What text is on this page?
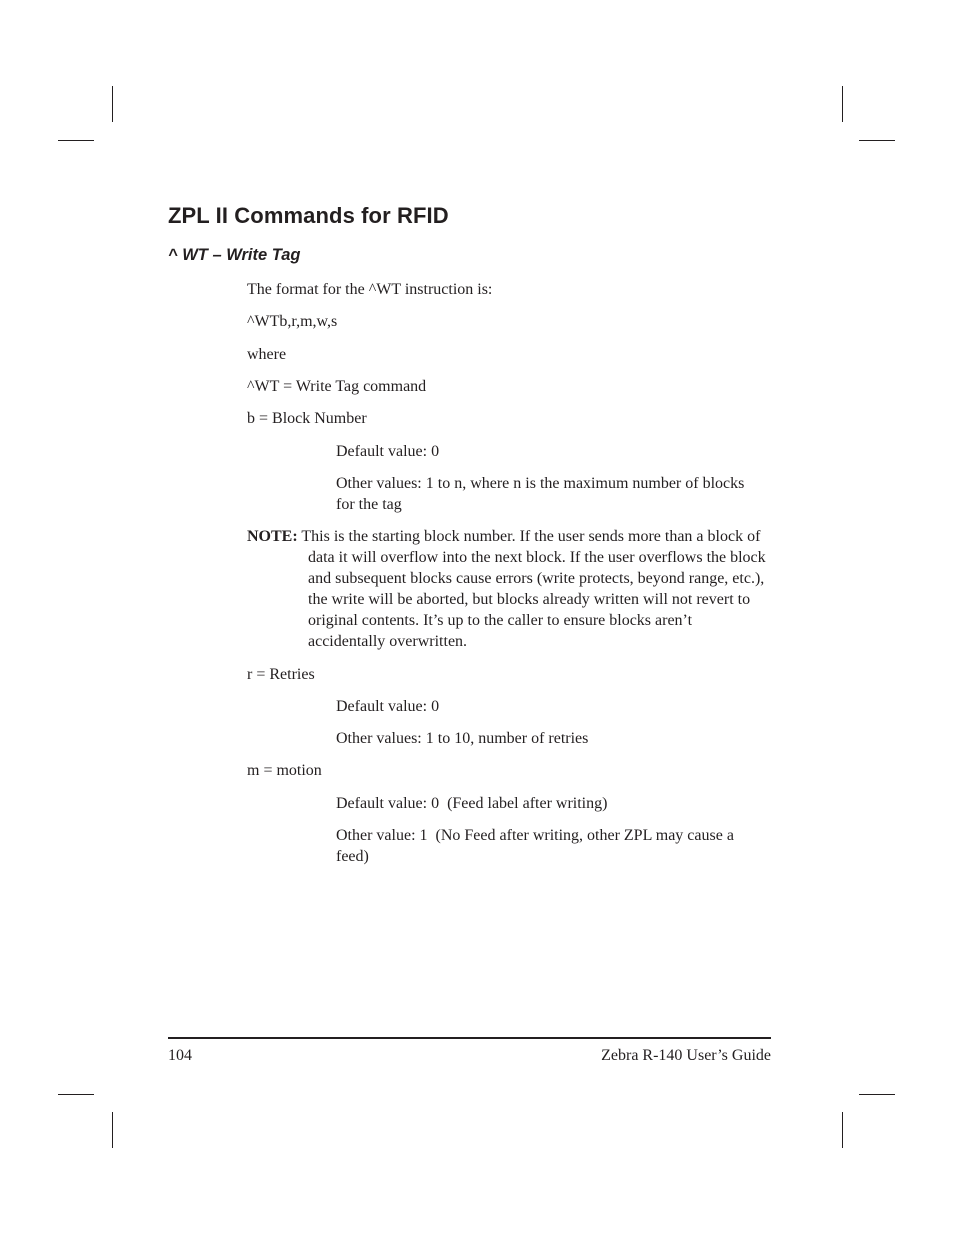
ZPL II Commands for RFID
^ WT – Write Tag

The format for the ^WT instruction is:

^WTb,r,m,w,s

where

^WT = Write Tag command

b = Block Number

Default value: 0

Other values: 1 to n, where n is the maximum number of blocks for the tag

NOTE: This is the starting block number. If the user sends more than a block of data it will overflow into the next block. If the user overflows the block and subsequent blocks cause errors (write protects, beyond range, etc.), the write will be aborted, but blocks already written will not revert to original contents. It’s up to the caller to ensure blocks aren’t accidentally overwritten.

r = Retries

Default value: 0

Other values: 1 to 10, number of retries

m = motion

Default value: 0  (Feed label after writing)

Other value: 1  (No Feed after writing, other ZPL may cause a feed)

104	Zebra R-140 User’s Guide
